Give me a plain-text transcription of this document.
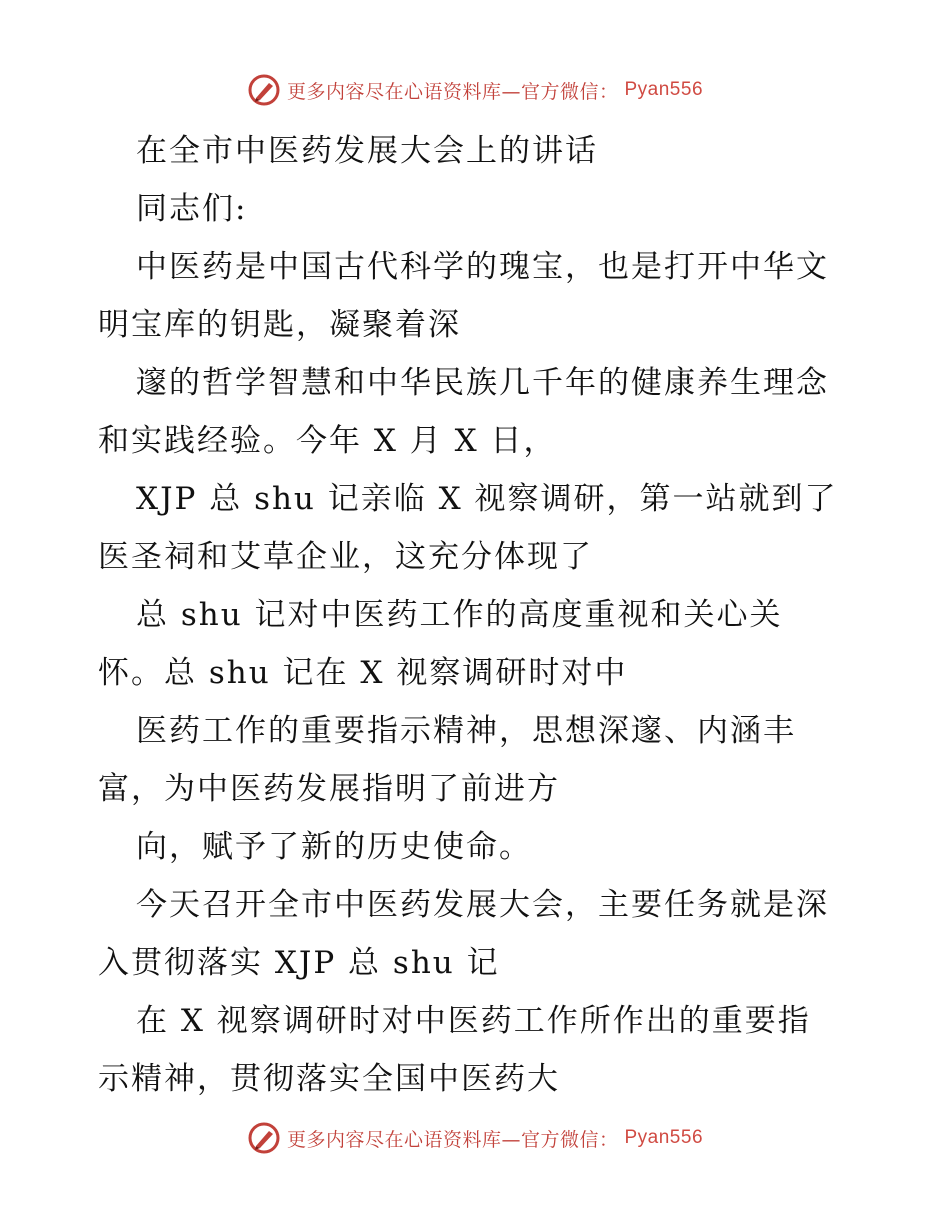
更多内容尽在心语资料库—官方微信： Pyan556
在全市中医药发展大会上的讲话
同志们:
中医药是中国古代科学的瑰宝，也是打开中华文
明宝库的钥匙，凝聚着深
邃的哲学智慧和中华民族几千年的健康养生理念
和实践经验。今年 X 月 X 日，
XJP 总 shu 记亲临 X 视察调研，第一站就到了
医圣祠和艾草企业，这充分体现了
总 shu 记对中医药工作的高度重视和关心关
怀。总 shu 记在 X 视察调研时对中
医药工作的重要指示精神，思想深邃、内涵丰
富，为中医药发展指明了前进方
向，赋予了新的历史使命。
今天召开全市中医药发展大会，主要任务就是深
入贯彻落实 XJP 总 shu 记
在 X 视察调研时对中医药工作所作出的重要指
示精神，贯彻落实全国中医药大
更多内容尽在心语资料库—官方微信： Pyan556
